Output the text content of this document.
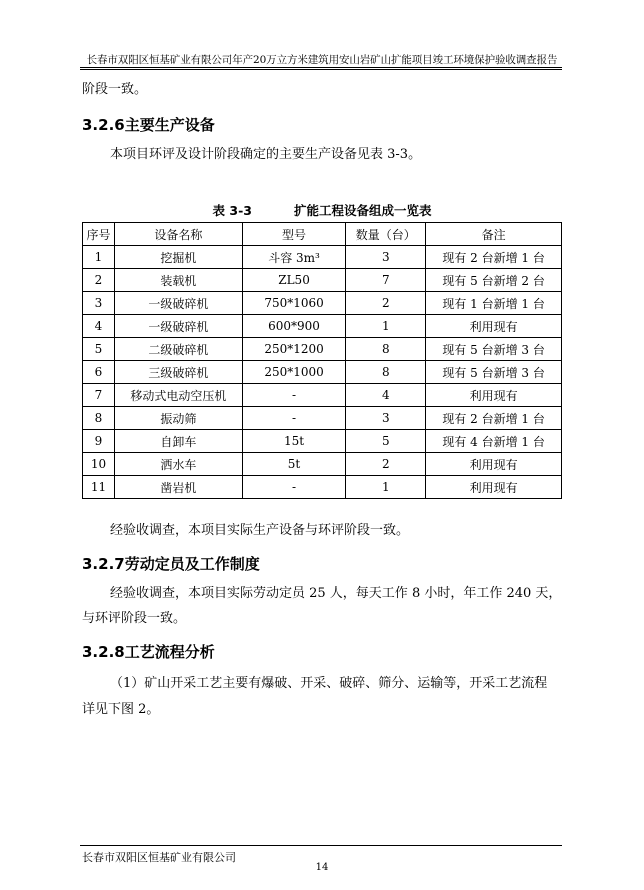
长春市双阳区恒基矿业有限公司年产20万立方米建筑用安山岩矿山扩能项目竣工环境保护验收调查报告
阶段一致。
3.2.6主要生产设备
本项目环评及设计阶段确定的主要生产设备见表 3-3。
表 3-3	扩能工程设备组成一览表
序号	设备名称	型号	数量（台）	备注
1	挖掘机	斗容 3m³	3	现有 2 台新增 1 台
2	装载机	ZL50	7	现有 5 台新增 2 台
3	一级破碎机	750*1060	2	现有 1 台新增 1 台
4	一级破碎机	600*900	1	利用现有
5	二级破碎机	250*1200	8	现有 5 台新增 3 台
6	三级破碎机	250*1000	8	现有 5 台新增 3 台
7	移动式电动空压机	-	4	利用现有
8	振动筛	-	3	现有 2 台新增 1 台
9	自卸车	15t	5	现有 4 台新增 1 台
10	洒水车	5t	2	利用现有
11	凿岩机	-	1	利用现有
经验收调查，本项目实际生产设备与环评阶段一致。
3.2.7劳动定员及工作制度
经验收调查，本项目实际劳动定员 25 人，每天工作 8 小时，年工作 240 天，
与环评阶段一致。
3.2.8工艺流程分析
（1）矿山开采工艺主要有爆破、开采、破碎、筛分、运输等，开采工艺流程
详见下图 2。
长春市双阳区恒基矿业有限公司
14
